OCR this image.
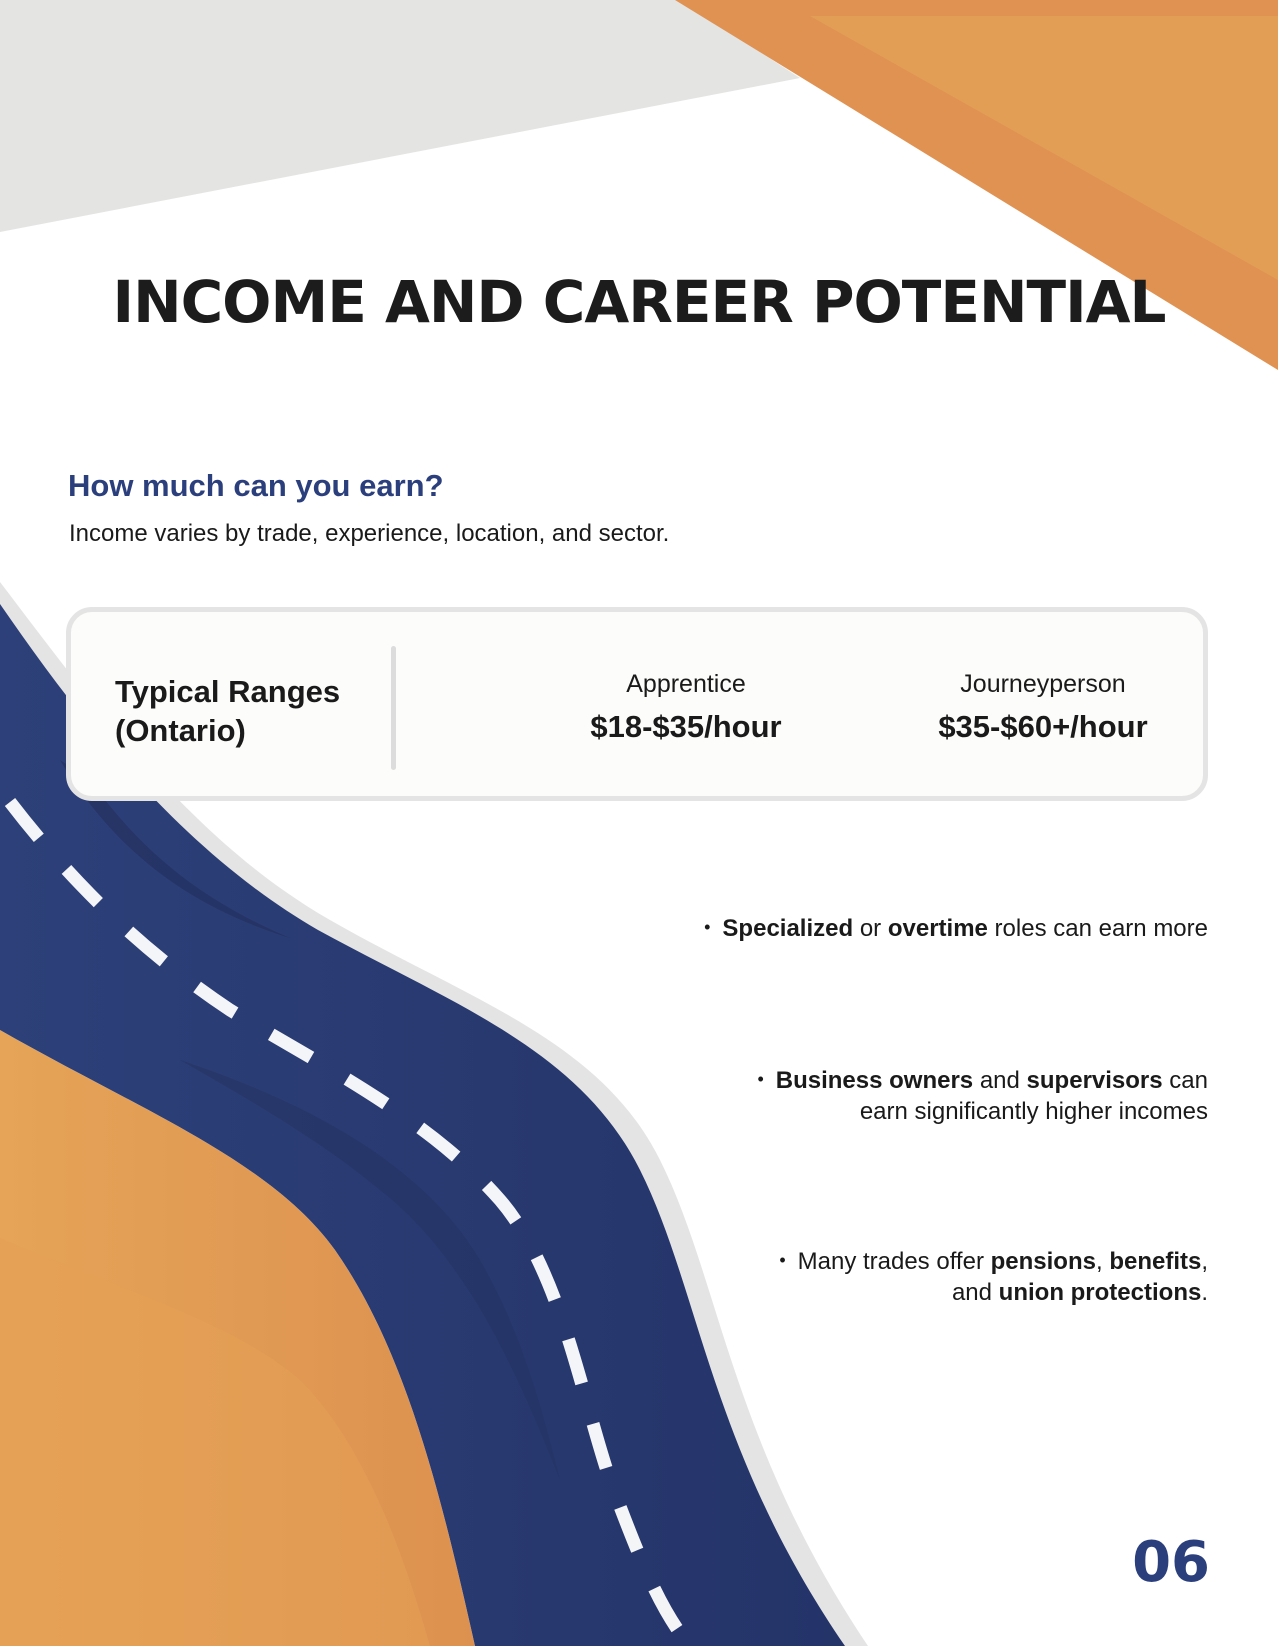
INCOME AND CAREER POTENTIAL
How much can you earn?

Income varies by trade, experience, location, and sector.

Typical Ranges
(Ontario)

Apprentice
$18-$35/hour
Journeyperson
$35-$60+/hour
• Specialized or overtime roles can earn more
• Business owners and supervisors can
earn significantly higher incomes
• Many trades offer pensions, benefits,
and union protections.

06
